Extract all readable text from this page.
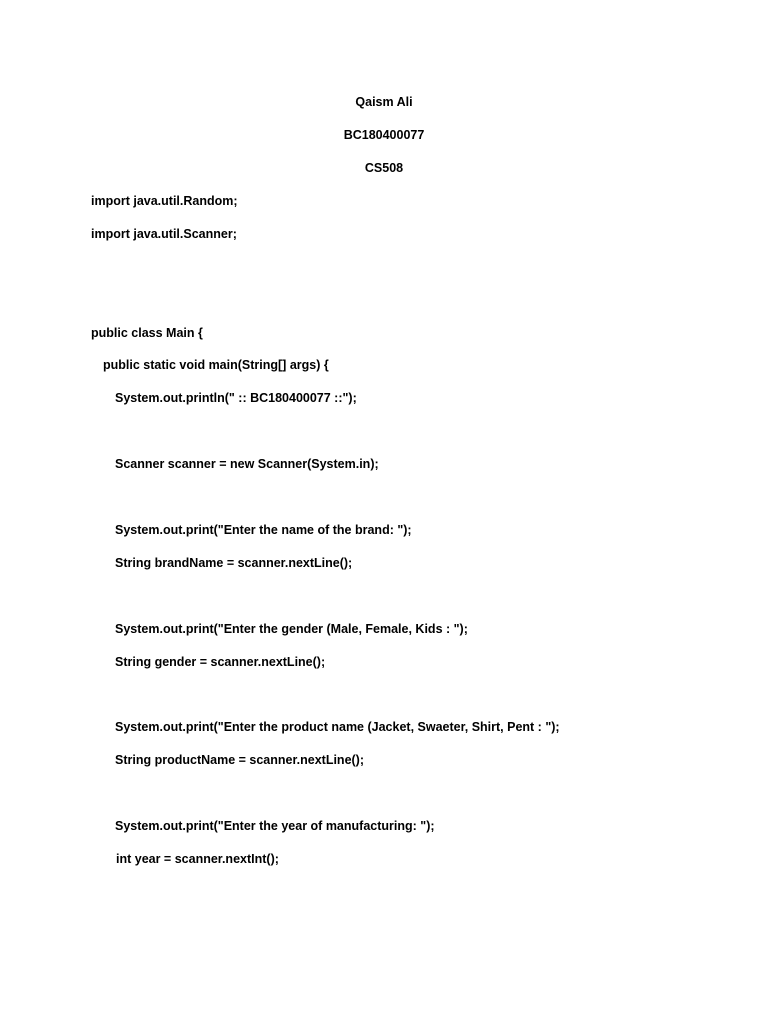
Qaism Ali
BC180400077
CS508
import java.util.Random;
import java.util.Scanner;
public class Main {
public static void main(String[] args) {
System.out.println(" :: BC180400077 ::");
Scanner scanner = new Scanner(System.in);
System.out.print("Enter the name of the brand: ");
String brandName = scanner.nextLine();
System.out.print("Enter the gender (Male, Female, Kids : ");
String gender = scanner.nextLine();
System.out.print("Enter the product name (Jacket, Swaeter, Shirt, Pent : ");
String productName = scanner.nextLine();
System.out.print("Enter the year of manufacturing: ");
int year = scanner.nextInt();
